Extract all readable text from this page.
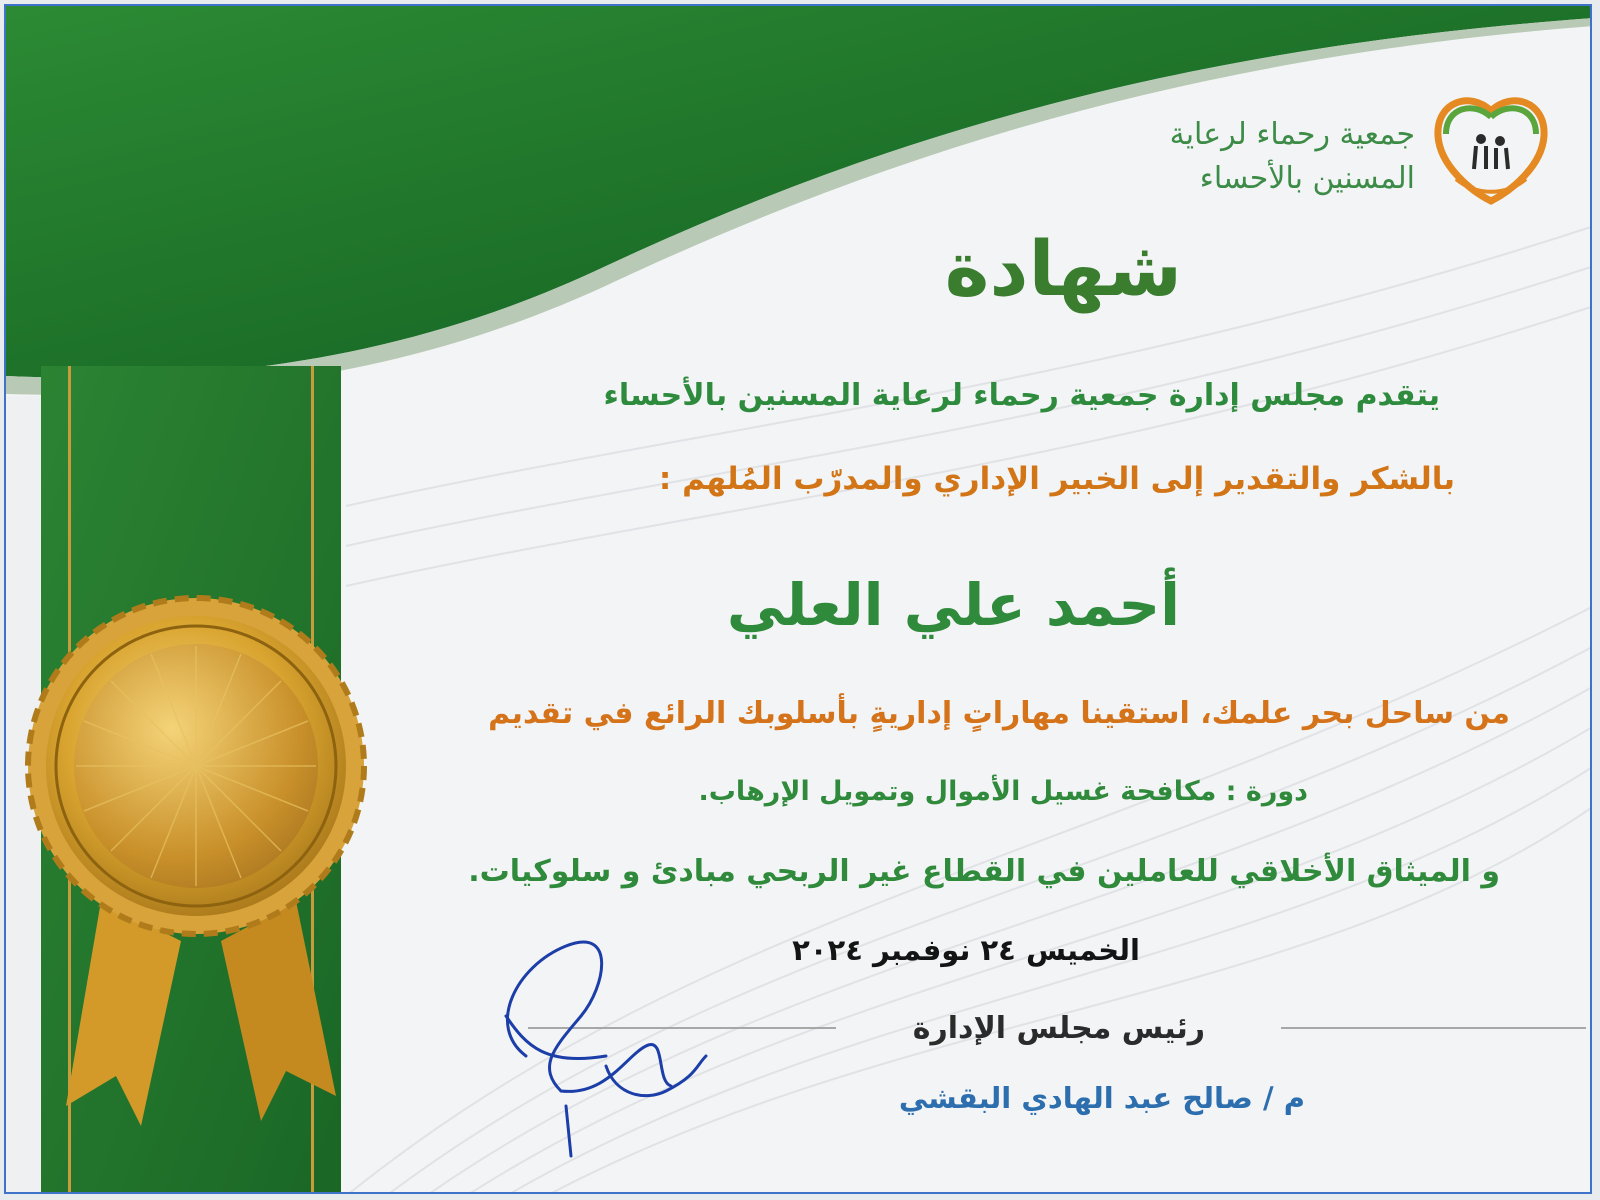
جمعية رحماء لرعاية
المسنين بالأحساء
شهادة
يتقدم مجلس إدارة جمعية رحماء لرعاية المسنين بالأحساء
بالشكر والتقدير إلى الخبير الإداري والمدرّب المُلهم :
أحمد علي العلي
من ساحل بحر علمك، استقينا مهاراتٍ إداريةٍ بأسلوبك الرائع في تقديم
دورة : مكافحة غسيل الأموال وتمويل الإرهاب.
و الميثاق الأخلاقي للعاملين في القطاع غير الربحي مبادئ و سلوكيات.
الخميس ٢٤ نوفمبر ٢٠٢٤
رئيس مجلس الإدارة
م / صالح عبد الهادي البقشي
